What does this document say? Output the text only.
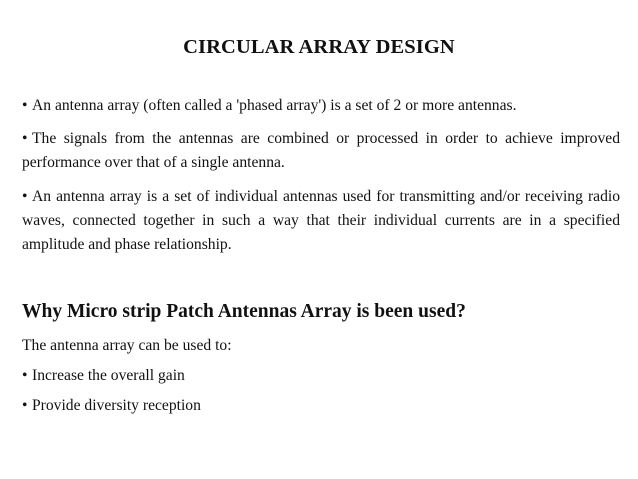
CIRCULAR ARRAY DESIGN

• An antenna array (often called a 'phased array') is a set of 2 or more antennas.

• The signals from the antennas are combined or processed in order to achieve improved performance over that of a single antenna.

• An antenna array is a set of individual antennas used for transmitting and/or receiving radio waves, connected together in such a way that their individual currents are in a specified amplitude and phase relationship.

Why Micro strip Patch Antennas Array is been used?

The antenna array can be used to:

• Increase the overall gain

• Provide diversity reception
